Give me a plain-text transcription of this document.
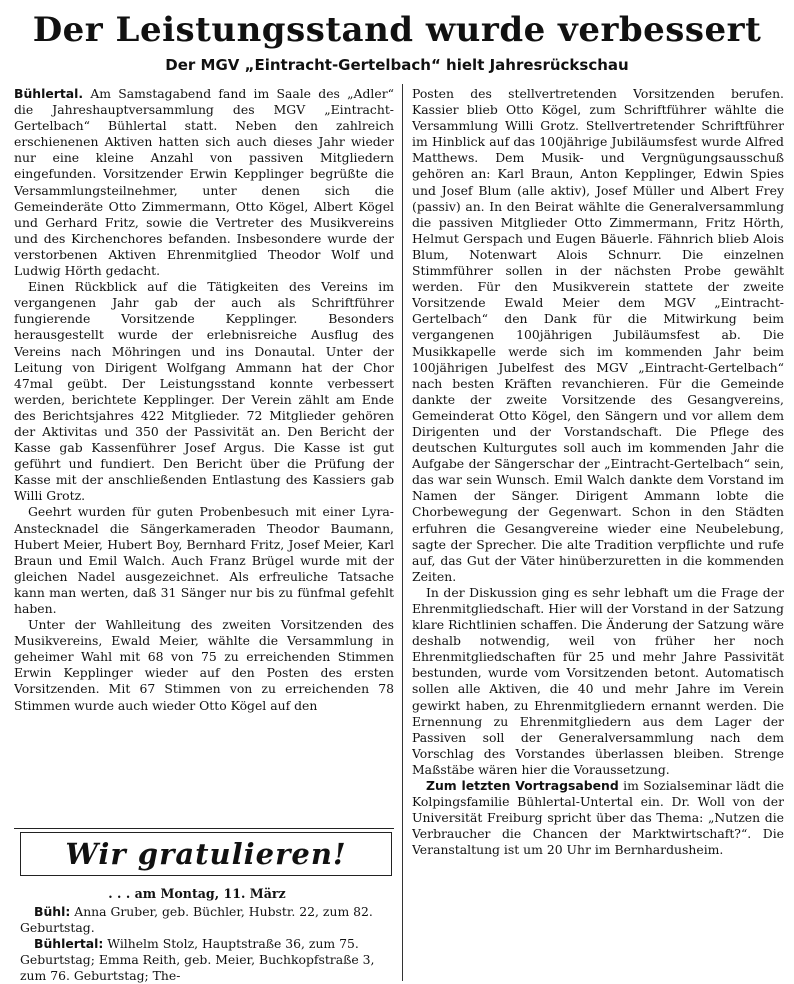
Der Leistungsstand wurde verbessert
Der MGV „Eintracht-Gertelbach“ hielt Jahresrückschau

Bühlertal. Am Samstagabend fand im Saale des „Adler“ die Jahreshauptversammlung des MGV „Eintracht-Gertelbach“ Bühlertal statt. Neben den zahlreich erschienenen Aktiven hatten sich auch dieses Jahr wieder nur eine kleine Anzahl von passiven Mitgliedern eingefunden. Vorsitzender Erwin Kepplinger begrüßte die Versammlungsteilnehmer, unter denen sich die Gemeinderäte Otto Zimmermann, Otto Kögel, Albert Kögel und Gerhard Fritz, sowie die Vertreter des Musikvereins und des Kirchenchores befanden. Insbesondere wurde der verstorbenen Aktiven Ehrenmitglied Theodor Wolf und Ludwig Hörth gedacht.

Einen Rückblick auf die Tätigkeiten des Vereins im vergangenen Jahr gab der auch als Schriftführer fungierende Vorsitzende Kepplinger. Besonders herausgestellt wurde der erlebnisreiche Ausflug des Vereins nach Möhringen und ins Donautal. Unter der Leitung von Dirigent Wolfgang Ammann hat der Chor 47mal geübt. Der Leistungsstand konnte verbessert werden, berichtete Kepplinger. Der Verein zählt am Ende des Berichtsjahres 422 Mitglieder. 72 Mitglieder gehören der Aktivitas und 350 der Passivität an. Den Bericht der Kasse gab Kassenführer Josef Argus. Die Kasse ist gut geführt und fundiert. Den Bericht über die Prüfung der Kasse mit der anschließenden Entlastung des Kassiers gab Willi Grotz.

Geehrt wurden für guten Probenbesuch mit einer Lyra-Anstecknadel die Sängerkameraden Theodor Baumann, Hubert Meier, Hubert Boy, Bernhard Fritz, Josef Meier, Karl Braun und Emil Walch. Auch Franz Brügel wurde mit der gleichen Nadel ausgezeichnet. Als erfreuliche Tatsache kann man werten, daß 31 Sänger nur bis zu fünfmal gefehlt haben.

Unter der Wahlleitung des zweiten Vorsitzenden des Musikvereins, Ewald Meier, wählte die Versammlung in geheimer Wahl mit 68 von 75 zu erreichenden Stimmen Erwin Kepplinger wieder auf den Posten des ersten Vorsitzenden. Mit 67 Stimmen von zu erreichenden 78 Stimmen wurde auch wieder Otto Kögel auf den

Posten des stellvertretenden Vorsitzenden berufen. Kassier blieb Otto Kögel, zum Schriftführer wählte die Versammlung Willi Grotz. Stellvertretender Schriftführer im Hinblick auf das 100jährige Jubiläumsfest wurde Alfred Matthews. Dem Musik- und Vergnügungsausschuß gehören an: Karl Braun, Anton Kepplinger, Edwin Spies und Josef Blum (alle aktiv), Josef Müller und Albert Frey (passiv) an. In den Beirat wählte die Generalversammlung die passiven Mitglieder Otto Zimmermann, Fritz Hörth, Helmut Gerspach und Eugen Bäuerle. Fähnrich blieb Alois Blum, Notenwart Alois Schnurr. Die einzelnen Stimmführer sollen in der nächsten Probe gewählt werden. Für den Musikverein stattete der zweite Vorsitzende Ewald Meier dem MGV „Eintracht-Gertelbach“ den Dank für die Mitwirkung beim vergangenen 100jährigen Jubiläumsfest ab. Die Musikkapelle werde sich im kommenden Jahr beim 100jährigen Jubelfest des MGV „Eintracht-Gertelbach“ nach besten Kräften revanchieren. Für die Gemeinde dankte der zweite Vorsitzende des Gesangvereins, Gemeinderat Otto Kögel, den Sängern und vor allem dem Dirigenten und der Vorstandschaft. Die Pflege des deutschen Kulturgutes soll auch im kommenden Jahr die Aufgabe der Sängerschar der „Eintracht-Gertelbach“ sein, das war sein Wunsch. Emil Walch dankte dem Vorstand im Namen der Sänger. Dirigent Ammann lobte die Chorbewegung der Gegenwart. Schon in den Städten erfuhren die Gesangvereine wieder eine Neubelebung, sagte der Sprecher. Die alte Tradition verpflichte und rufe auf, das Gut der Väter hinüberzuretten in die kommenden Zeiten.

In der Diskussion ging es sehr lebhaft um die Frage der Ehrenmitgliedschaft. Hier will der Vorstand in der Satzung klare Richtlinien schaffen. Die Änderung der Satzung wäre deshalb notwendig, weil von früher her noch Ehrenmitgliedschaften für 25 und mehr Jahre Passivität bestunden, wurde vom Vorsitzenden betont. Automatisch sollen alle Aktiven, die 40 und mehr Jahre im Verein gewirkt haben, zu Ehrenmitgliedern ernannt werden. Die Ernennung zu Ehrenmitgliedern aus dem Lager der Passiven soll der Generalversammlung nach dem Vorschlag des Vorstandes überlassen bleiben. Strenge Maßstäbe wären hier die Voraussetzung.

Zum letzten Vortragsabend im Sozialseminar lädt die Kolpingsfamilie Bühlertal-Untertal ein. Dr. Woll von der Universität Freiburg spricht über das Thema: „Nutzen die Verbraucher die Chancen der Marktwirtschaft?“. Die Veranstaltung ist um 20 Uhr im Bernhardusheim.

Wir gratulieren!
. . . am Montag, 11. März

Bühl: Anna Gruber, geb. Büchler, Hubstr. 22, zum 82. Geburtstag.

Bühlertal: Wilhelm Stolz, Hauptstraße 36, zum 75. Geburtstag; Emma Reith, geb. Meier, Buchkopfstraße 3, zum 76. Geburtstag; The-
